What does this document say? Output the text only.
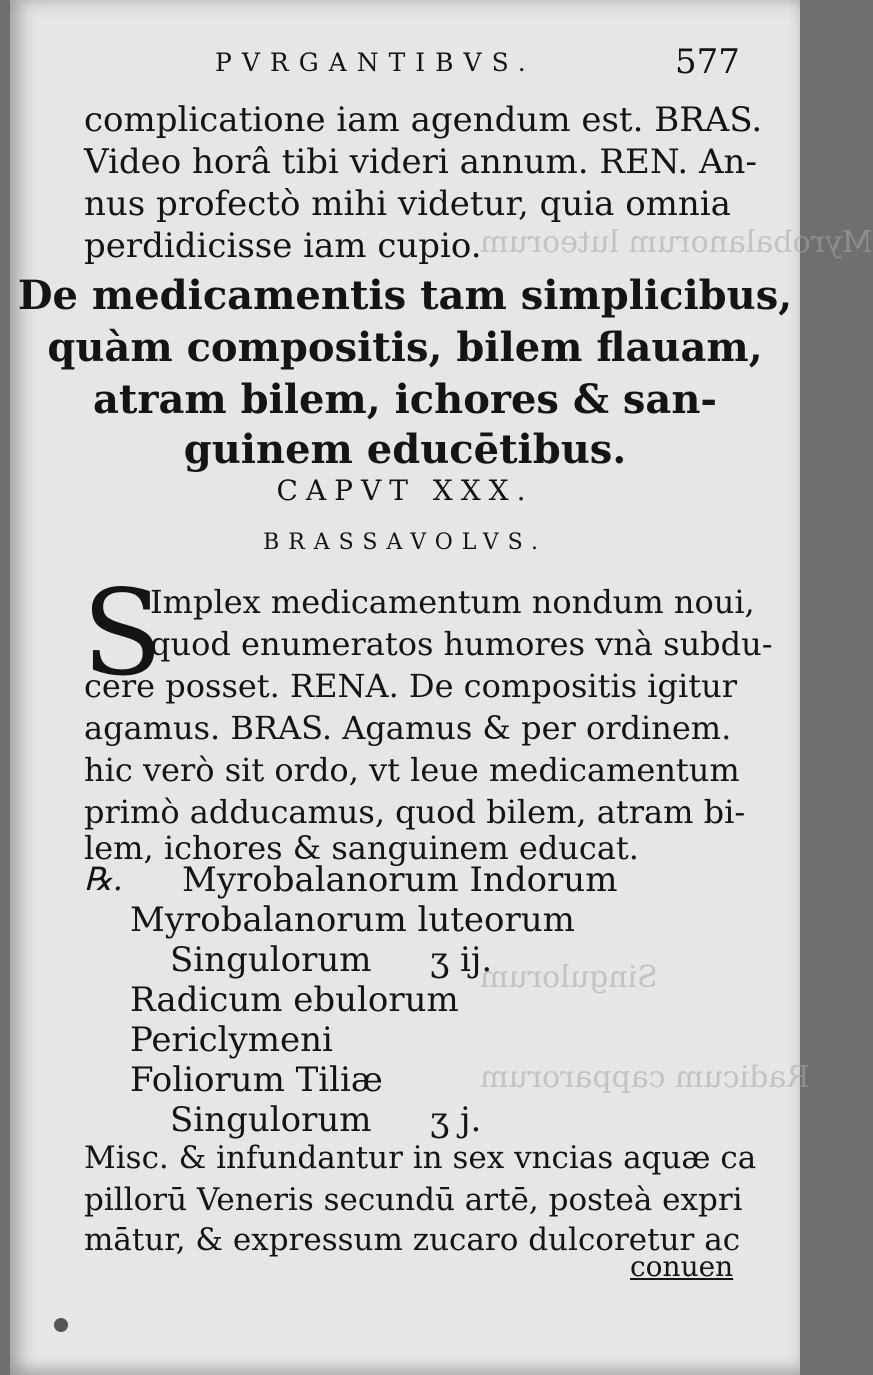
Myrobalanorum luteorum
Singulorum
Radicum capparorum
PVRGANTIBVS.	577
complicatione iam agendum est. BRAS.
Video horâ tibi videri annum. REN. An-
nus profectò mihi videtur, quia omnia
perdidicisse iam cupio.
De medicamentis tam simplicibus,
quàm compositis, bilem flauam,
atram bilem, ichores & san-
guinem educētibus.
CAPVT XXX.
BRASSAVOLVS.
S
Implex medicamentum nondum noui,
quod enumeratos humores vnà subdu-
cere posset. RENA. De compositis igitur
agamus. BRAS. Agamus & per ordinem.
hic verò sit ordo, vt leue medicamentum
primò adducamus, quod bilem, atram bi-
lem, ichores & sanguinem educat.
℞. Myrobalanorum Indorum
Myrobalanorum luteorum
Singulorum ʒ ij.
Radicum ebulorum
Periclymeni
Foliorum Tiliæ
Singulorum ʒ j.
Misc. & infundantur in sex vncias aquæ ca
pillorū Veneris secundū artē, posteà expri
mātur, & expressum zucaro dulcoretur ac
conuen
